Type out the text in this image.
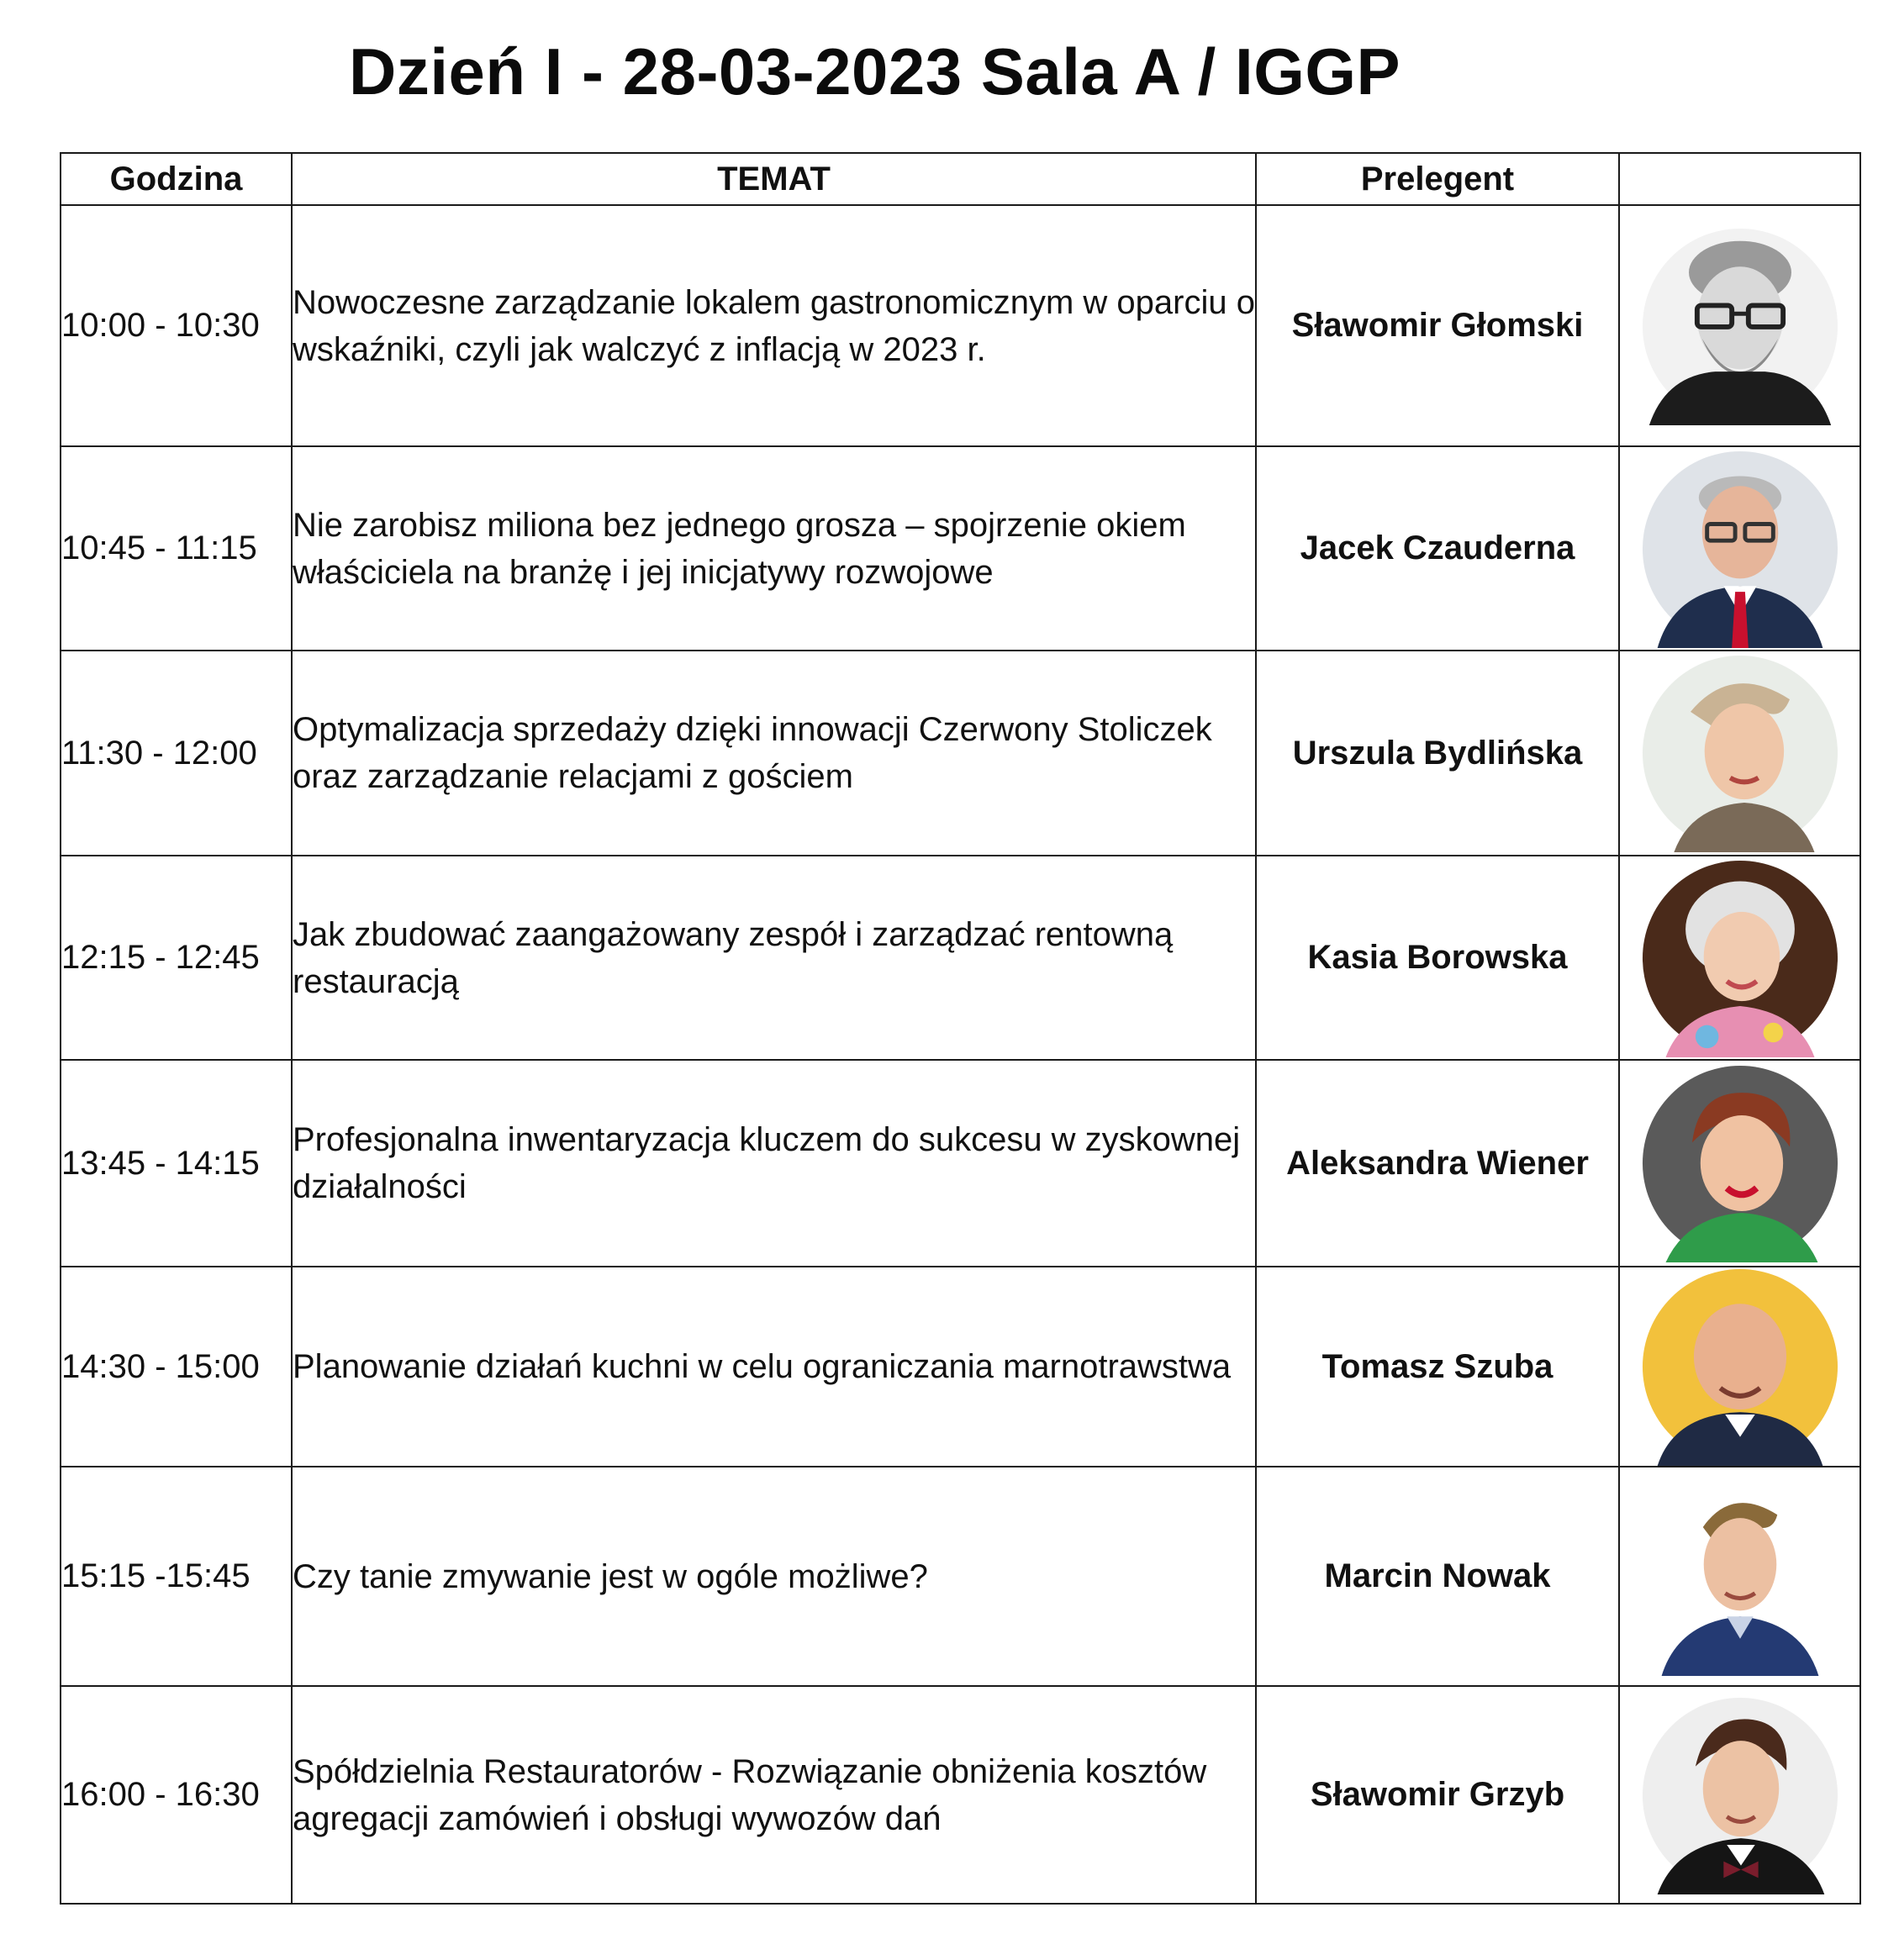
Dzień I - 28-03-2023 Sala A / IGGP
Godzina	TEMAT	Prelegent	
10:00 - 10:30	Nowoczesne zarządzanie lokalem gastronomicznym w oparciu o wskaźniki, czyli jak walczyć z inflacją w 2023 r.	Sławomir Głomski	

10:45 - 11:15	Nie zarobisz miliona bez jednego grosza – spojrzenie okiem właściciela na branżę i jej inicjatywy rozwojowe	Jacek Czauderna	

11:30 - 12:00	Optymalizacja sprzedaży dzięki innowacji Czerwony Stoliczek oraz zarządzanie relacjami z gościem	Urszula Bydlińska	

12:15 - 12:45	Jak zbudować zaangażowany zespół i zarządzać rentowną restauracją	Kasia Borowska	

13:45 - 14:15	Profesjonalna inwentaryzacja kluczem do sukcesu w zyskownej działalności	Aleksandra Wiener	

14:30 - 15:00	Planowanie działań kuchni w celu ograniczania marnotrawstwa	Tomasz Szuba	

15:15 -15:45	Czy tanie zmywanie jest w ogóle możliwe?	Marcin Nowak	

16:00 - 16:30	Spółdzielnia Restauratorów - Rozwiązanie obniżenia kosztów agregacji zamówień i obsługi wywozów dań	Sławomir Grzyb	
